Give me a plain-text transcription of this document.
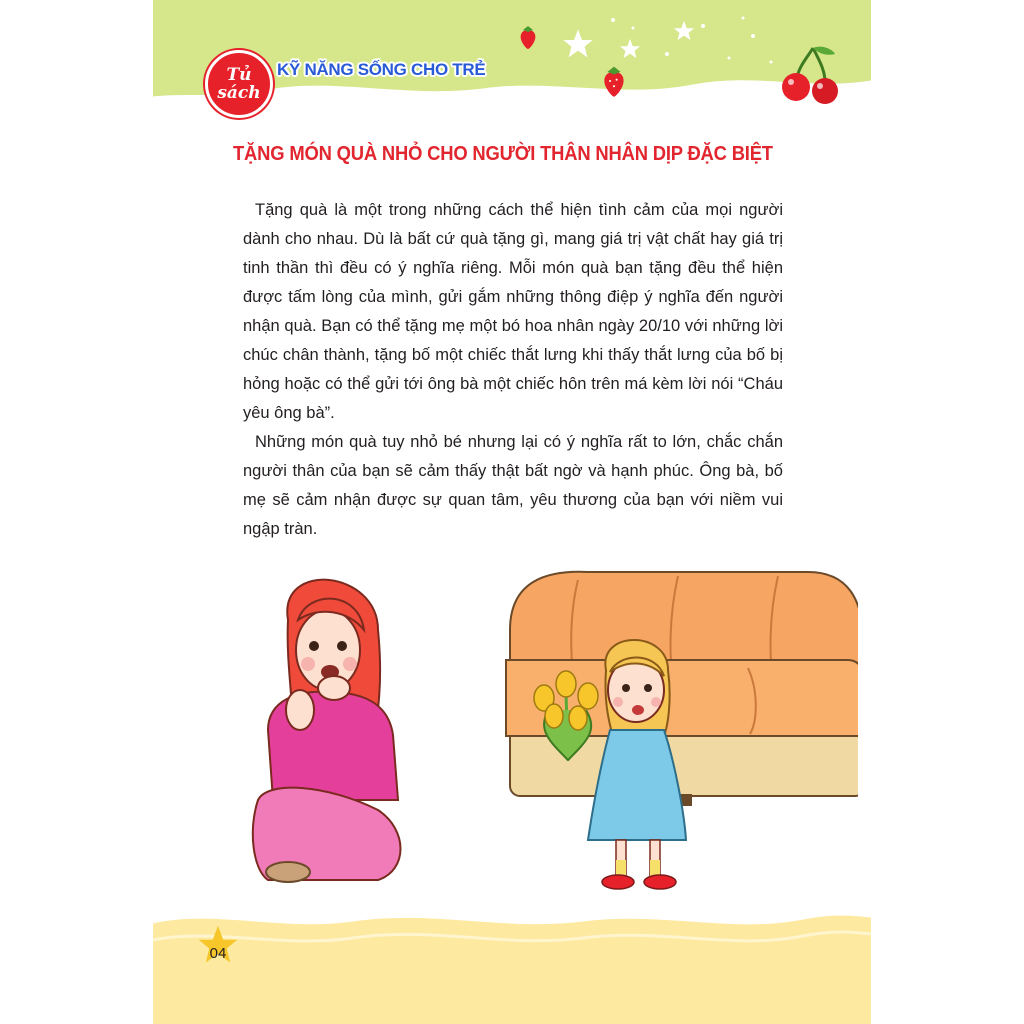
Tủ
sách
KỸ NĂNG SỐNG CHO TRẺ
TẶNG MÓN QUÀ NHỎ CHO NGƯỜI THÂN NHÂN DỊP ĐẶC BIỆT

Tặng quà là một trong những cách thể hiện tình cảm của mọi người dành cho nhau. Dù là bất cứ quà tặng gì, mang giá trị vật chất hay giá trị tinh thần thì đều có ý nghĩa riêng. Mỗi món quà bạn tặng đều thể hiện được tấm lòng của mình, gửi gắm những thông điệp ý nghĩa đến người nhận quà. Bạn có thể tặng mẹ một bó hoa nhân ngày 20/10 với những lời chúc chân thành, tặng bố một chiếc thắt lưng khi thấy thắt lưng của bố bị hỏng hoặc có thể gửi tới ông bà một chiếc hôn trên má kèm lời nói “Cháu yêu ông bà”.

Những món quà tuy nhỏ bé nhưng lại có ý nghĩa rất to lớn, chắc chắn người thân của bạn sẽ cảm thấy thật bất ngờ và hạnh phúc. Ông bà, bố mẹ sẽ cảm nhận được sự quan tâm, yêu thương của bạn với niềm vui ngập tràn.

04
